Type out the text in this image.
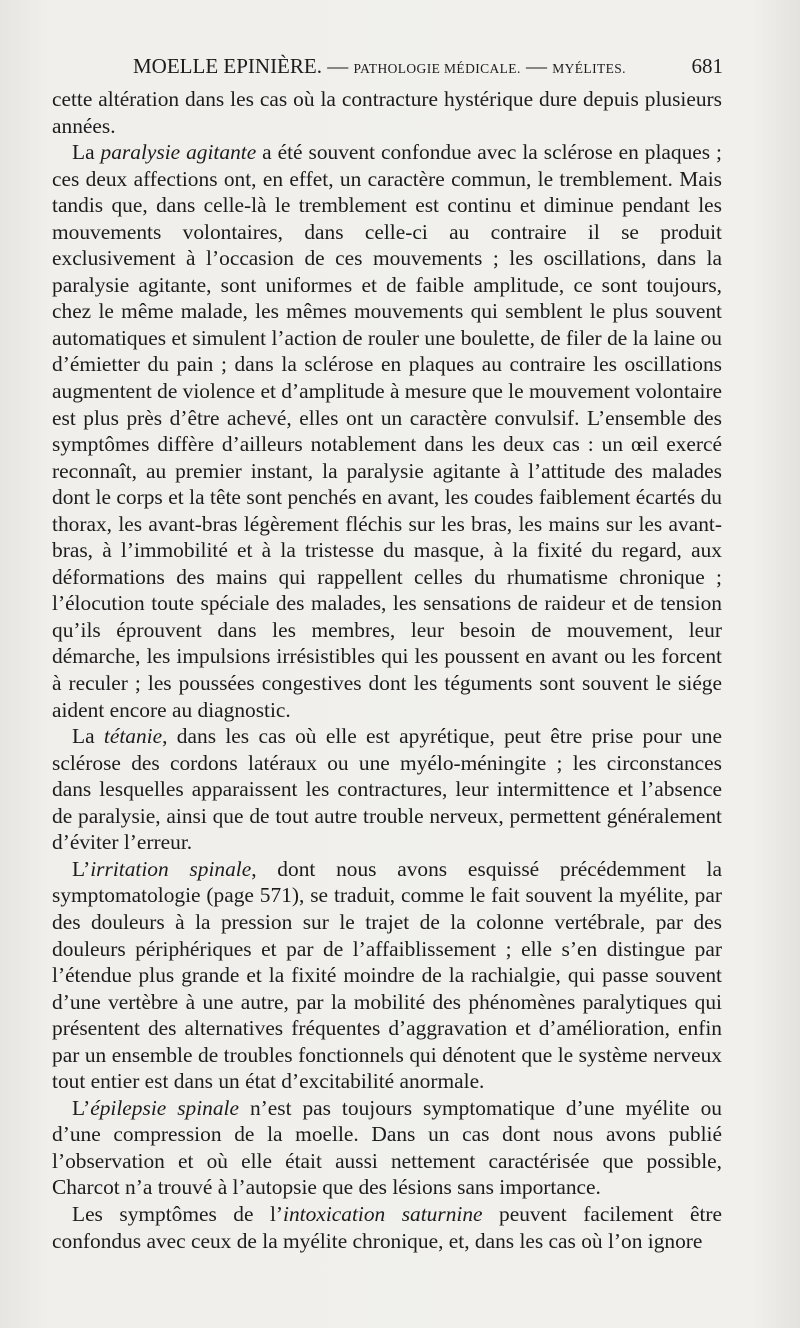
MOELLE EPINIÈRE. — PATHOLOGIE MÉDICALE. — MYÉLITES.	681

cette altération dans les cas où la contracture hystérique dure depuis plusieurs années.

La paralysie agitante a été souvent confondue avec la sclérose en plaques ; ces deux affections ont, en effet, un caractère commun, le tremblement. Mais tandis que, dans celle-là le tremblement est continu et diminue pendant les mouvements volontaires, dans celle-ci au contraire il se produit exclusivement à l’occasion de ces mouvements ; les oscillations, dans la paralysie agitante, sont uniformes et de faible amplitude, ce sont toujours, chez le même malade, les mêmes mouvements qui semblent le plus souvent automatiques et simulent l’action de rouler une boulette, de filer de la laine ou d’émietter du pain ; dans la sclérose en plaques au contraire les oscillations augmentent de violence et d’amplitude à mesure que le mouvement volontaire est plus près d’être achevé, elles ont un caractère convulsif. L’ensemble des symptômes diffère d’ailleurs notablement dans les deux cas : un œil exercé reconnaît, au premier instant, la paralysie agitante à l’attitude des malades dont le corps et la tête sont penchés en avant, les coudes faiblement écartés du thorax, les avant-bras légèrement fléchis sur les bras, les mains sur les avant-bras, à l’immobilité et à la tristesse du masque, à la fixité du regard, aux déformations des mains qui rappellent celles du rhumatisme chronique ; l’élocution toute spéciale des malades, les sensations de raideur et de tension qu’ils éprouvent dans les membres, leur besoin de mouvement, leur démarche, les impulsions irrésistibles qui les poussent en avant ou les forcent à reculer ; les poussées congestives dont les téguments sont souvent le siége aident encore au diagnostic.

La tétanie, dans les cas où elle est apyrétique, peut être prise pour une sclérose des cordons latéraux ou une myélo-méningite ; les circonstances dans lesquelles apparaissent les contractures, leur intermittence et l’absence de paralysie, ainsi que de tout autre trouble nerveux, permettent généralement d’éviter l’erreur.

L’irritation spinale, dont nous avons esquissé précédemment la symptomatologie (page 571), se traduit, comme le fait souvent la myélite, par des douleurs à la pression sur le trajet de la colonne vertébrale, par des douleurs périphériques et par de l’affaiblissement ; elle s’en distingue par l’étendue plus grande et la fixité moindre de la rachialgie, qui passe souvent d’une vertèbre à une autre, par la mobilité des phénomènes paralytiques qui présentent des alternatives fréquentes d’aggravation et d’amélioration, enfin par un ensemble de troubles fonctionnels qui dénotent que le système nerveux tout entier est dans un état d’excitabilité anormale.

L’épilepsie spinale n’est pas toujours symptomatique d’une myélite ou d’une compression de la moelle. Dans un cas dont nous avons publié l’observation et où elle était aussi nettement caractérisée que possible, Charcot n’a trouvé à l’autopsie que des lésions sans importance.

Les symptômes de l’intoxication saturnine peuvent facilement être confondus avec ceux de la myélite chronique, et, dans les cas où l’on ignore
